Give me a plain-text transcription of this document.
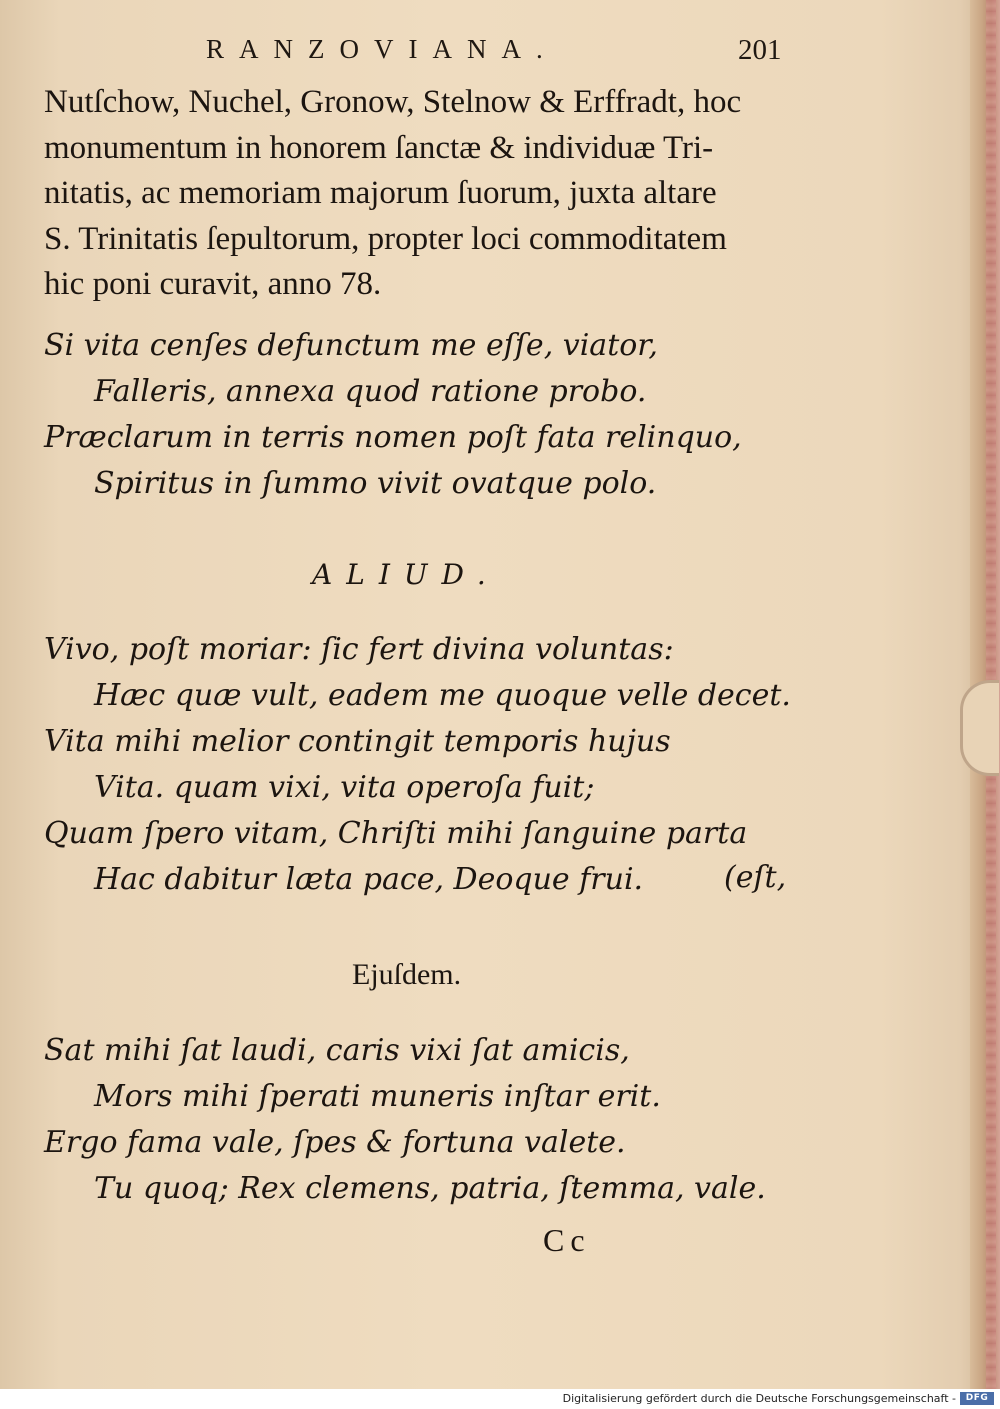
RANZOVIANA.	201
Nutſchow, Nuchel, Gronow, Stelnow & Erffradt, hoc
monumentum in honorem ſanctæ & individuæ Tri-
nitatis, ac memoriam majorum ſuorum, juxta altare
S. Trinitatis ſepultorum, propter loci commoditatem
hic poni curavit, anno 78.
Si vita cenſes defunctum me eſſe, viator,
Falleris, annexa quod ratione probo.
Præclarum in terris nomen poſt fata relinquo,
Spiritus in ſummo vivit ovatque polo.
ALIUD.
Vivo, poſt moriar: ſic fert divina voluntas:
Hæc quæ vult, eadem me quoque velle decet.
Vita mihi melior contingit temporis hujus
Vita. quam vixi, vita operoſa fuit;
Quam ſpero vitam, Chriſti mihi ſanguine parta
Hac dabitur læta pace, Deoque frui.	(eſt,
Ejuſdem.
Sat mihi ſat laudi, caris vixi ſat amicis,
Mors mihi ſperati muneris inſtar erit.
Ergo fama vale, ſpes & fortuna valete.
Tu quoq; Rex clemens, patria, ſtemma, vale.
Cc
Digitalisierung gefördert durch die Deutsche Forschungsgemeinschaft -	DFG
